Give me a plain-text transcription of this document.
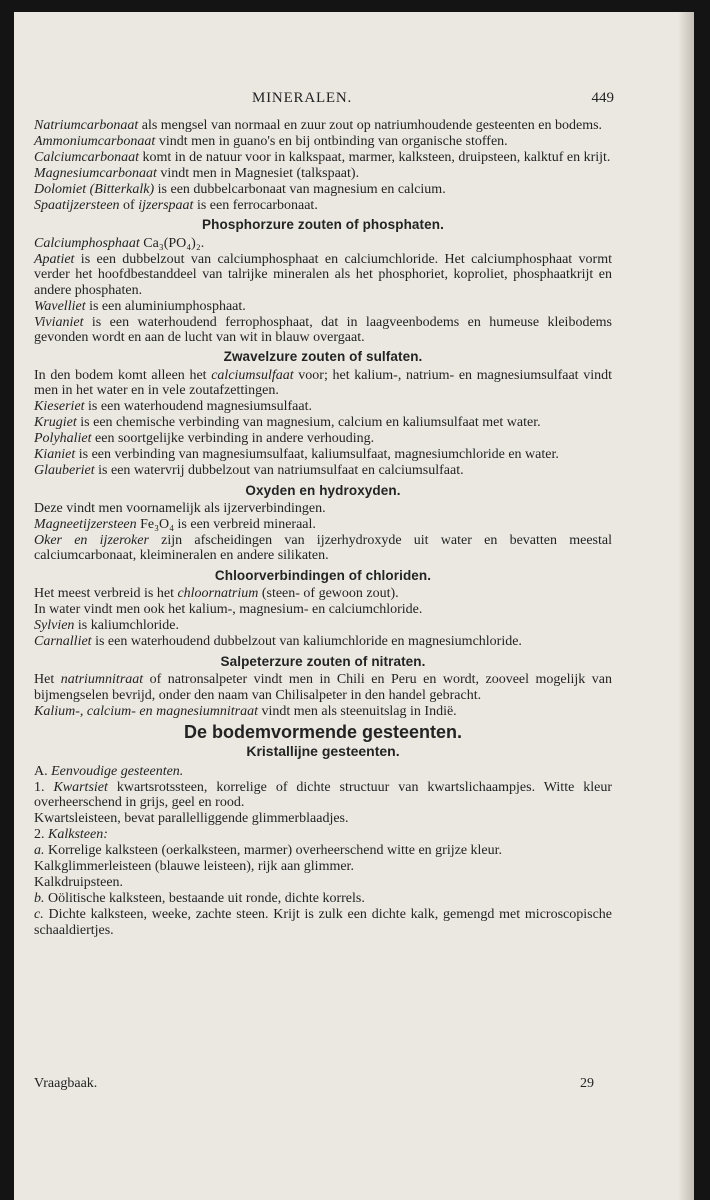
MINERALEN.	449

Natriumcarbonaat als mengsel van normaal en zuur zout op natriumhoudende gesteenten en bodems.

Ammoniumcarbonaat vindt men in guano's en bij ontbinding van organische stoffen.

Calciumcarbonaat komt in de natuur voor in kalkspaat, marmer, kalksteen, druipsteen, kalktuf en krijt.

Magnesiumcarbonaat vindt men in Magnesiet (talkspaat).

Dolomiet (Bitterkalk) is een dubbelcarbonaat van magnesium en calcium.

Spaatijzersteen of ijzerspaat is een ferrocarbonaat.

Phosphorzure zouten of phosphaten.

Calciumphosphaat Ca₃(PO₄)₂.

Apatiet is een dubbelzout van calciumphosphaat en calciumchloride. Het calciumphosphaat vormt verder het hoofdbestanddeel van talrijke mineralen als het phosphoriet, koproliet, phosphaatkrijt en andere phosphaten.

Wavelliet is een aluminiumphosphaat.

Vivianiet is een waterhoudend ferrophosphaat, dat in laagveenbodems en humeuse kleibodems gevonden wordt en aan de lucht van wit in blauw overgaat.

Zwavelzure zouten of sulfaten.

In den bodem komt alleen het calciumsulfaat voor; het kalium-, natrium- en magnesiumsulfaat vindt men in het water en in vele zoutafzettingen.

Kieseriet is een waterhoudend magnesiumsulfaat.

Krugiet is een chemische verbinding van magnesium, calcium en kaliumsulfaat met water.

Polyhaliet een soortgelijke verbinding in andere verhouding.

Kianiet is een verbinding van magnesiumsulfaat, kaliumsulfaat, magnesiumchloride en water.

Glauberiet is een watervrij dubbelzout van natriumsulfaat en calciumsulfaat.

Oxyden en hydroxyden.

Deze vindt men voornamelijk als ijzerverbindingen.

Magneetijzersteen Fe₃O₄ is een verbreid mineraal.

Oker en ijzeroker zijn afscheidingen van ijzerhydroxyde uit water en bevatten meestal calciumcarbonaat, kleimineralen en andere silikaten.

Chloorverbindingen of chloriden.

Het meest verbreid is het chloornatrium (steen- of gewoon zout).

In water vindt men ook het kalium-, magnesium- en calciumchloride.

Sylvien is kaliumchloride.

Carnalliet is een waterhoudend dubbelzout van kaliumchloride en magnesiumchloride.

Salpeterzure zouten of nitraten.

Het natriumnitraat of natronsalpeter vindt men in Chili en Peru en wordt, zooveel mogelijk van bijmengselen bevrijd, onder den naam van Chilisalpeter in den handel gebracht.

Kalium-, calcium- en magnesiumnitraat vindt men als steenuitslag in Indië.

De bodemvormende gesteenten.
Kristallijne gesteenten.

A. Eenvoudige gesteenten.

1. Kwartsiet kwartsrotssteen, korrelige of dichte structuur van kwartslichaampjes. Witte kleur overheerschend in grijs, geel en rood.

Kwartsleisteen, bevat parallelliggende glimmerblaadjes.

2. Kalksteen:

a. Korrelige kalksteen (oerkalksteen, marmer) overheerschend witte en grijze kleur.

Kalkglimmerleisteen (blauwe leisteen), rijk aan glimmer.

Kalkdruipsteen.

b. Oölitische kalksteen, bestaande uit ronde, dichte korrels.

c. Dichte kalksteen, weeke, zachte steen. Krijt is zulk een dichte kalk, gemengd met microscopische schaaldiertjes.

Vraagbaak.	29
